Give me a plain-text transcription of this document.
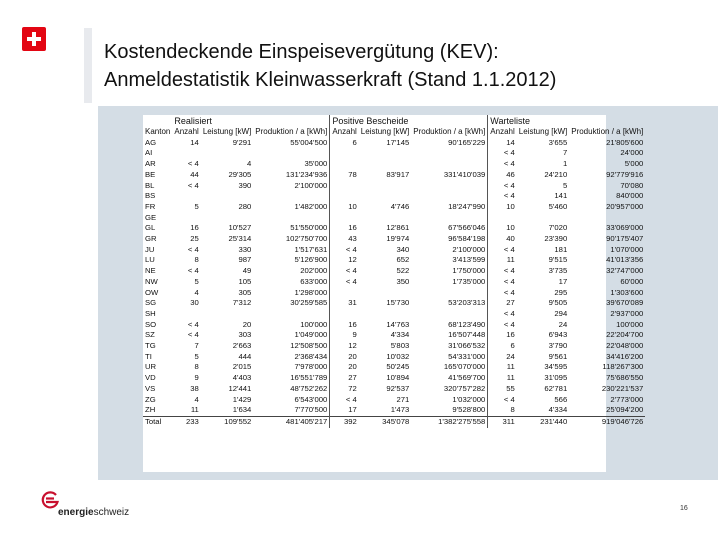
Kostendeckende Einspeisevergütung (KEV):
Anmeldestatistik Kleinwasserkraft (Stand 1.1.2012)
	Realisiert			Positive Bescheide			Warteliste		
Kanton	Anzahl	Leistung [kW]	Produktion / a [kWh]	Anzahl	Leistung [kW]	Produktion / a [kWh]	Anzahl	Leistung [kW]	Produktion / a [kWh]
AG	14	9'291	55'004'500	6	17'145	90'165'229	14	3'655	21'805'600
AI							< 4	7	24'000
AR	< 4	4	35'000				< 4	1	5'000
BE	44	29'305	131'234'936	78	83'917	331'410'039	46	24'210	92'779'916
BL	< 4	390	2'100'000				< 4	5	70'080
BS							< 4	141	840'000
FR	5	280	1'482'000	10	4'746	18'247'990	10	5'460	20'957'000
GE									
GL	16	10'527	51'550'000	16	12'861	67'566'046	10	7'020	33'069'000
GR	25	25'314	102'750'700	43	19'974	96'584'198	40	23'390	90'175'407
JU	< 4	330	1'517'631	< 4	340	2'100'000	< 4	181	1'070'000
LU	8	987	5'126'900	12	652	3'413'599	11	9'515	41'013'356
NE	< 4	49	202'000	< 4	522	1'750'000	< 4	3'735	32'747'000
NW	5	105	633'000	< 4	350	1'735'000	< 4	17	60'000
OW	4	305	1'298'000				< 4	295	1'303'600
SG	30	7'312	30'259'585	31	15'730	53'203'313	27	9'505	39'670'089
SH							< 4	294	2'937'000
SO	< 4	20	100'000	16	14'763	68'123'490	< 4	24	100'000
SZ	< 4	303	1'049'000	9	4'334	16'507'448	16	6'943	22'204'700
TG	7	2'663	12'508'500	12	5'803	31'066'532	6	3'790	22'048'000
TI	5	444	2'368'434	20	10'032	54'331'000	24	9'561	34'416'200
UR	8	2'015	7'978'000	20	50'245	165'070'000	11	34'595	118'267'300
VD	9	4'403	16'551'789	27	10'894	41'569'700	11	31'095	75'686'550
VS	38	12'441	48'752'262	72	92'537	320'757'282	55	62'781	230'221'537
ZG	4	1'429	6'543'000	< 4	271	1'032'000	< 4	566	2'773'000
ZH	11	1'634	7'770'500	17	1'473	9'528'800	8	4'334	25'094'200
Total	233	109'552	481'405'217	392	345'078	1'382'275'558	311	231'440	919'046'726
energieschweiz	16
